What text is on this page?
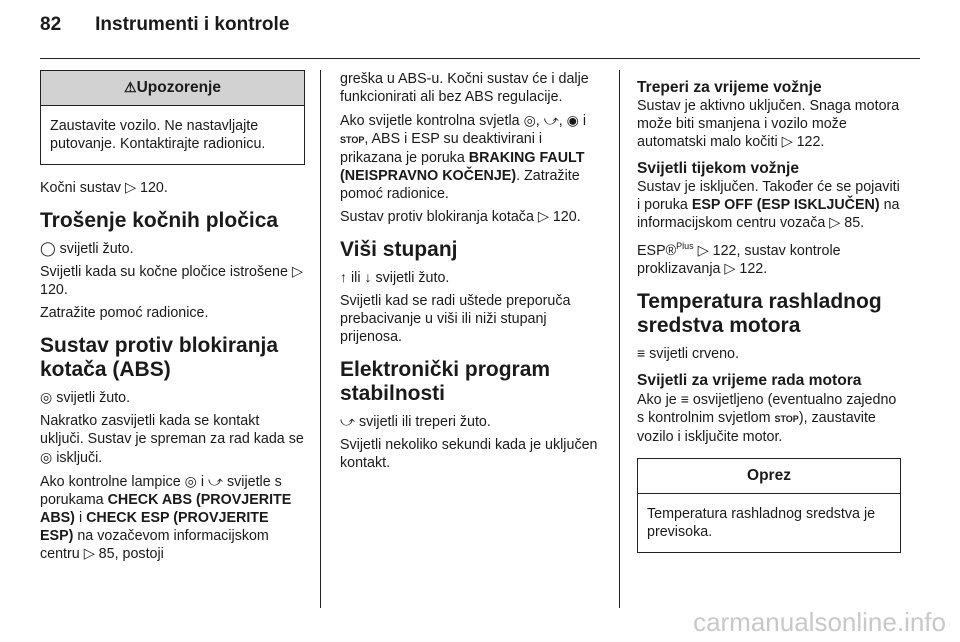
82 Instrumenti i kontrole
⚠Upozorenje
Zaustavite vozilo. Ne nastavljajte putovanje. Kontaktirajte radionicu.

Kočni sustav ▷ 120.

Trošenje kočnih pločica

◯ svijetli žuto.

Svijetli kada su kočne pločice istrošene ▷ 120.

Zatražite pomoć radionice.

Sustav protiv blokiranja kotača (ABS)

◎ svijetli žuto.

Nakratko zasvijetli kada se kontakt uključi. Sustav je spreman za rad kada se ◎ isključi.

Ako kontrolne lampice ◎ i ⤻ svijetle s porukama CHECK ABS (PROVJERITE ABS) i CHECK ESP (PROVJERITE ESP) na vozačevom informacijskom centru ▷ 85, postoji

greška u ABS-u. Kočni sustav će i dalje funkcionirati ali bez ABS regulacije.

Ako svijetle kontrolna svjetla ◎, ⤻, ◉ i STOP, ABS i ESP su deaktivirani i prikazana je poruka BRAKING FAULT (NEISPRAVNO KOČENJE). Zatražite pomoć radionice.

Sustav protiv blokiranja kotača ▷ 120.

Viši stupanj

↑ ili ↓ svijetli žuto.

Svijetli kad se radi uštede preporuča prebacivanje u viši ili niži stupanj prijenosa.

Elektronički program stabilnosti

⤻ svijetli ili treperi žuto.

Svijetli nekoliko sekundi kada je uključen kontakt.

Treperi za vrijeme vožnje

Sustav je aktivno uključen. Snaga motora može biti smanjena i vozilo može automatski malo kočiti ▷ 122.

Svijetli tijekom vožnje

Sustav je isključen. Također će se pojaviti i poruka ESP OFF (ESP ISKLJUČEN) na informacijskom centru vozača ▷ 85.

ESP®$^{Plus}$ ▷ 122, sustav kontrole proklizavanja ▷ 122.

Temperatura rashladnog sredstva motora

≡ svijetli crveno.

Svijetli za vrijeme rada motora

Ako je ≡ osvijetljeno (eventualno zajedno s kontrolnim svjetlom STOP), zaustavite vozilo i isključite motor.

Oprez
Temperatura rashladnog sredstva je previsoka.
carmanualsonline.info
